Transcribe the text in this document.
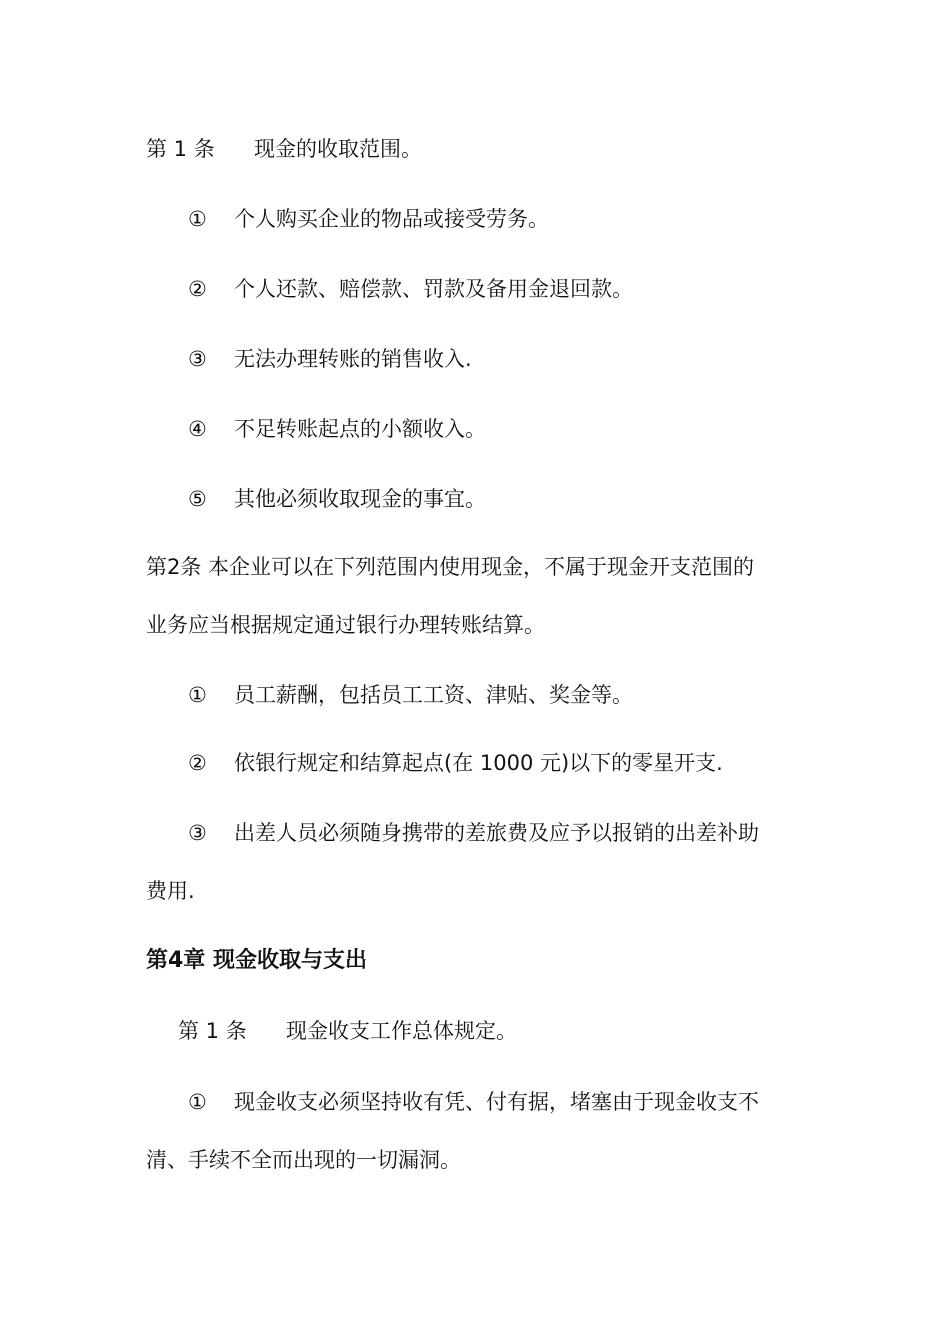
第 1 条 现金的收取范围。
① 个人购买企业的物品或接受劳务。
② 个人还款、赔偿款、罚款及备用金退回款。
③ 无法办理转账的销售收入.
④ 不足转账起点的小额收入。
⑤ 其他必须收取现金的事宜。
第2条 本企业可以在下列范围内使用现金，不属于现金开支范围的
业务应当根据规定通过银行办理转账结算。
① 员工薪酬，包括员工工资、津贴、奖金等。
② 依银行规定和结算起点(在 1000 元)以下的零星开支.
③ 出差人员必须随身携带的差旅费及应予以报销的出差补助
费用.
第4章 现金收取与支出
第 1 条 现金收支工作总体规定。
① 现金收支必须坚持收有凭、付有据，堵塞由于现金收支不
清、手续不全而出现的一切漏洞。
